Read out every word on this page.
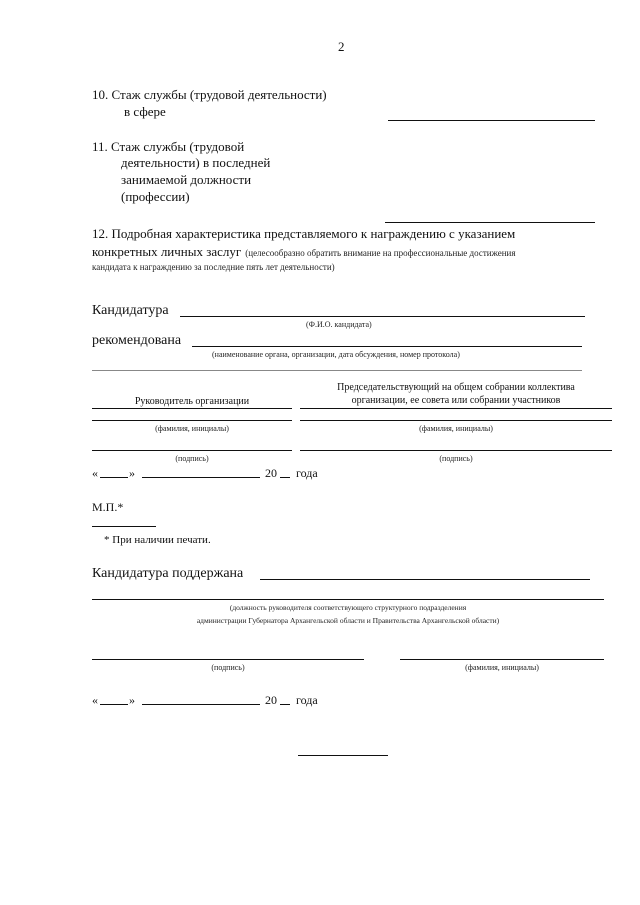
2
10. Стаж службы (трудовой деятельности)
в сфере
11. Стаж службы (трудовой
деятельности) в последней
занимаемой должности
(профессии)
12. Подробная характеристика представляемого к награждению с указанием
конкретных личных заслуг (целесообразно обратить внимание на профессиональные достижения
кандидата к награждению за последние пять лет деятельности)
Кандидатура
(Ф.И.О. кандидата)
рекомендована
(наименование органа, организации, дата обсуждения, номер протокола)
Руководитель организации
Председательствующий на общем собрании коллектива
организации, ее совета или собрании участников
(фамилия, инициалы)	(фамилия, инициалы)
(подпись)	(подпись)
«	»	20 года
М.П.*
* При наличии печати.
Кандидатура поддержана
(должность руководителя соответствующего структурного подразделения
администрации Губернатора Архангельской области и Правительства Архангельской области)
(подпись)	(фамилия, инициалы)
«	»	20 года
